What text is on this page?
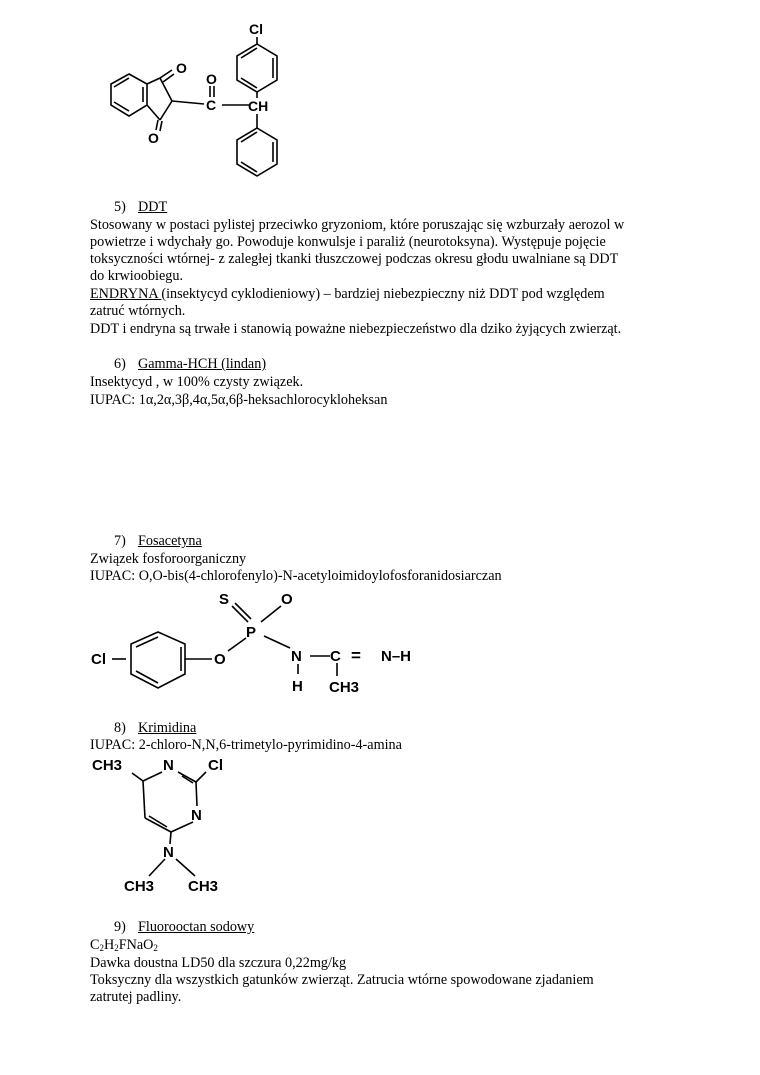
Cl
O
O
O
C CH
5) DDT
Stosowany w postaci pylistej przeciwko gryzoniom, które poruszając się wzburzały aerozol w
powietrze i wdychały go. Powoduje konwulsje i paraliż (neurotoksyna). Występuje pojęcie
toksyczności wtórnej- z zaległej tkanki tłuszczowej podczas okresu głodu uwalniane są DDT
do krwioobiegu.
ENDRYNA (insektycyd cyklodieniowy) – bardziej niebezpieczny niż DDT pod względem
zatruć wtórnych.
DDT i endryna są trwałe i stanowią poważne niebezpieczeństwo dla dziko żyjących zwierząt.
6) Gamma-HCH (lindan)
Insektycyd , w 100% czysty związek.
IUPAC: 1α,2α,3β,4α,5α,6β-heksachlorocykloheksan
7) Fosacetyna
Związek fosforoorganiczny
IUPAC: O,O-bis(4-chlorofenylo)-N-acetyloimidoylofosforanidosiarczan
S	O
P
Cl	O	N C = N–H
H CH3
8) Krimidina
IUPAC: 2-chloro-N,N,6-trimetylo-pyrimidino-4-amina
CH3	N Cl
N
N
CH3 CH3
9) Fluorooctan sodowy
$C_2H_2FNaO_2$
Dawka doustna LD50 dla szczura 0,22mg/kg
Toksyczny dla wszystkich gatunków zwierząt. Zatrucia wtórne spowodowane zjadaniem
zatrutej padliny.
